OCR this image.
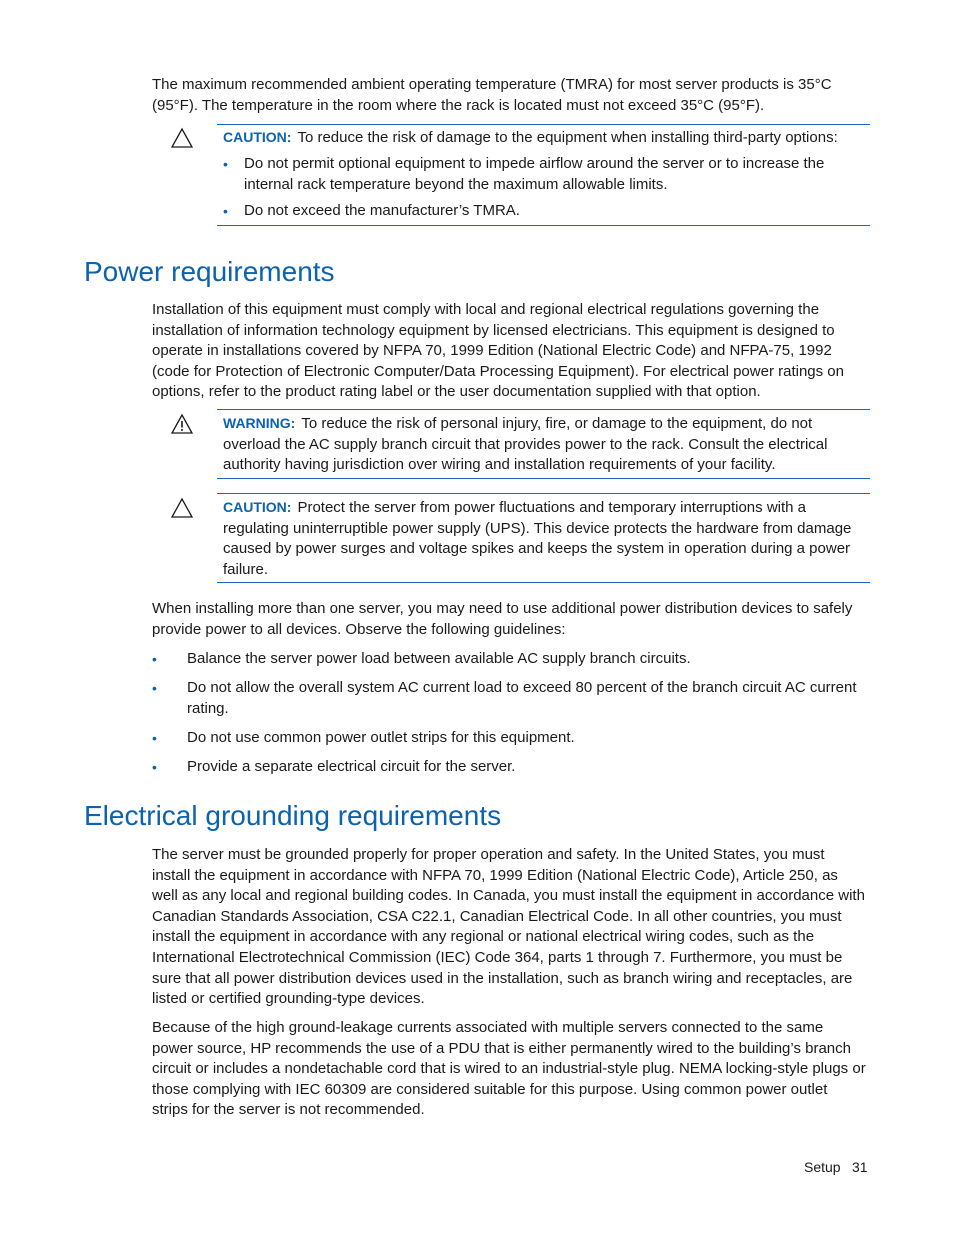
The maximum recommended ambient operating temperature (TMRA) for most server products is 35°C (95°F). The temperature in the room where the rack is located must not exceed 35°C (95°F).

CAUTION: To reduce the risk of damage to the equipment when installing third-party options:

• Do not permit optional equipment to impede airflow around the server or to increase the internal rack temperature beyond the maximum allowable limits.
• Do not exceed the manufacturer’s TMRA.
Power requirements

Installation of this equipment must comply with local and regional electrical regulations governing the installation of information technology equipment by licensed electricians. This equipment is designed to operate in installations covered by NFPA 70, 1999 Edition (National Electric Code) and NFPA-75, 1992 (code for Protection of Electronic Computer/Data Processing Equipment). For electrical power ratings on options, refer to the product rating label or the user documentation supplied with that option.

WARNING: To reduce the risk of personal injury, fire, or damage to the equipment, do not overload the AC supply branch circuit that provides power to the rack. Consult the electrical authority having jurisdiction over wiring and installation requirements of your facility.

CAUTION: Protect the server from power fluctuations and temporary interruptions with a regulating uninterruptible power supply (UPS). This device protects the hardware from damage caused by power surges and voltage spikes and keeps the system in operation during a power failure.

When installing more than one server, you may need to use additional power distribution devices to safely provide power to all devices. Observe the following guidelines:

• Balance the server power load between available AC supply branch circuits.
• Do not allow the overall system AC current load to exceed 80 percent of the branch circuit AC current rating.
• Do not use common power outlet strips for this equipment.
• Provide a separate electrical circuit for the server.
Electrical grounding requirements

The server must be grounded properly for proper operation and safety. In the United States, you must install the equipment in accordance with NFPA 70, 1999 Edition (National Electric Code), Article 250, as well as any local and regional building codes. In Canada, you must install the equipment in accordance with Canadian Standards Association, CSA C22.1, Canadian Electrical Code. In all other countries, you must install the equipment in accordance with any regional or national electrical wiring codes, such as the International Electrotechnical Commission (IEC) Code 364, parts 1 through 7. Furthermore, you must be sure that all power distribution devices used in the installation, such as branch wiring and receptacles, are listed or certified grounding-type devices.

Because of the high ground-leakage currents associated with multiple servers connected to the same power source, HP recommends the use of a PDU that is either permanently wired to the building’s branch circuit or includes a nondetachable cord that is wired to an industrial-style plug. NEMA locking-style plugs or those complying with IEC 60309 are considered suitable for this purpose. Using common power outlet strips for the server is not recommended.

Setup 31
